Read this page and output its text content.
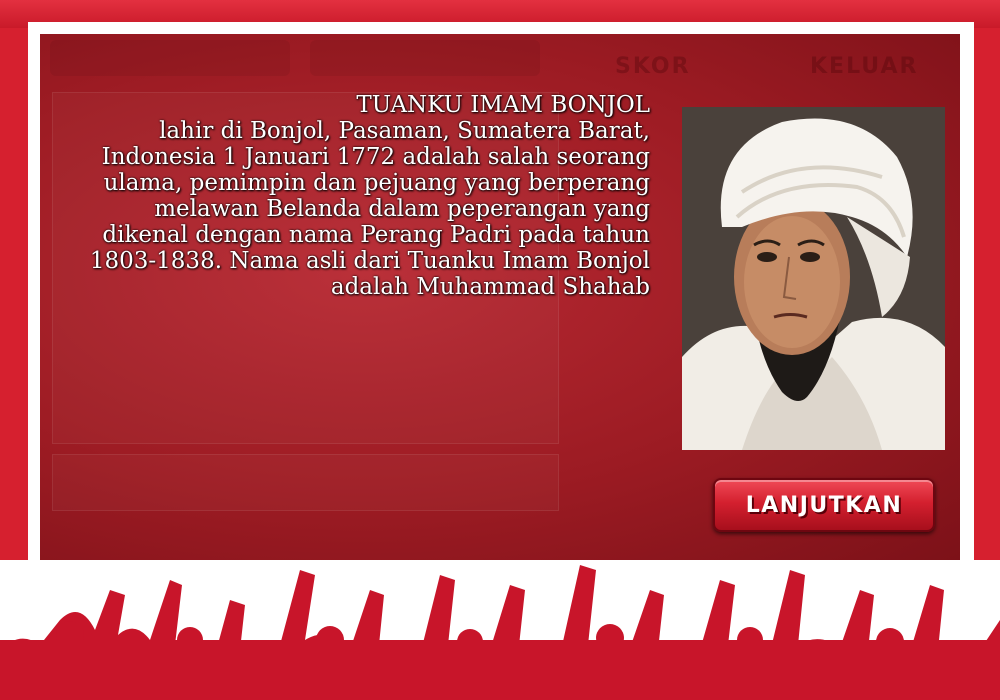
SKOR	KELUAR
TUANKU IMAM BONJOL
lahir di Bonjol, Pasaman, Sumatera Barat, Indonesia 1 Januari 1772 adalah salah seorang ulama, pemimpin dan pejuang yang berperang melawan Belanda dalam peperangan yang dikenal dengan nama Perang Padri pada tahun 1803-1838. Nama asli dari Tuanku Imam Bonjol adalah Muhammad Shahab
LANJUTKAN
